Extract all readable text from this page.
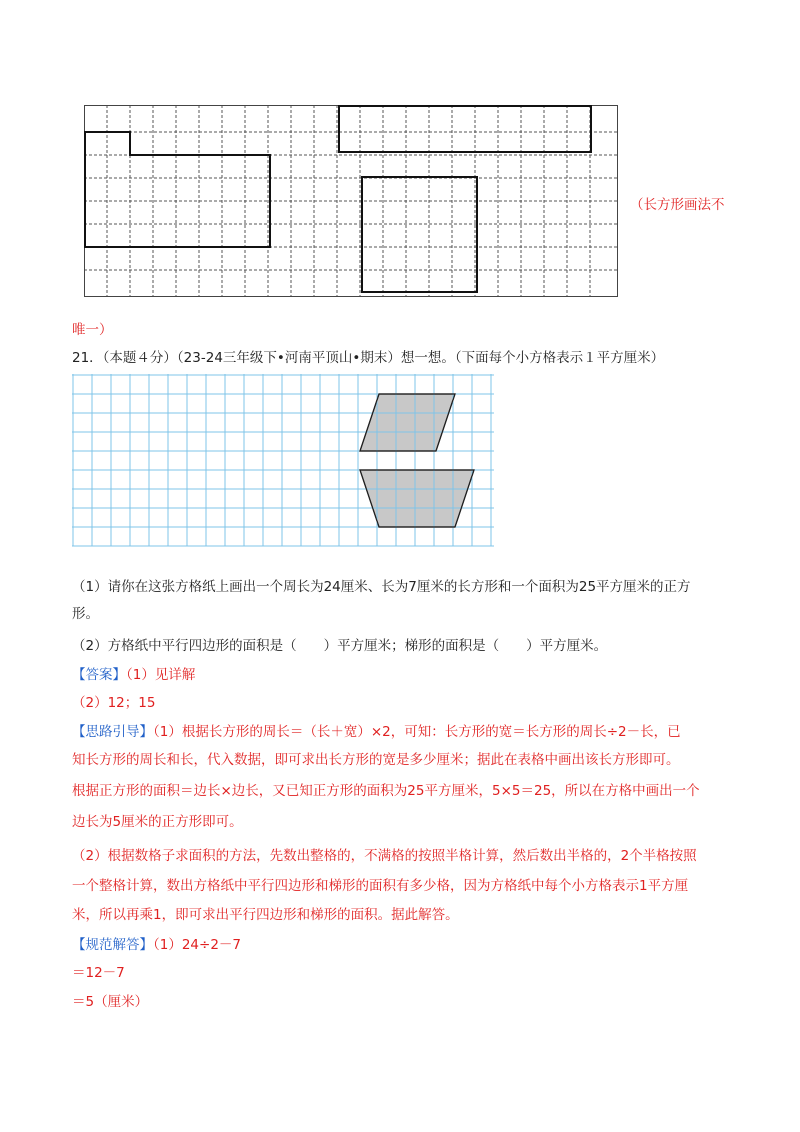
（长方形画法不
唯一）
21．（本题４分）（23-24三年级下•河南平顶山•期末）想一想。（下面每个小方格表示１平方厘米）
（1）请你在这张方格纸上画出一个周长为24厘米、长为7厘米的长方形和一个面积为25平方厘米的正方
形。
（2）方格纸中平行四边形的面积是（　　）平方厘米；梯形的面积是（　　）平方厘米。
【答案】（1）见详解
（2）12；15
【思路引导】（1）根据长方形的周长＝（长＋宽）×2，可知：长方形的宽＝长方形的周长÷2－长，已
知长方形的周长和长，代入数据，即可求出长方形的宽是多少厘米；据此在表格中画出该长方形即可。
根据正方形的面积＝边长×边长，又已知正方形的面积为25平方厘米，5×5＝25，所以在方格中画出一个
边长为5厘米的正方形即可。
（2）根据数格子求面积的方法，先数出整格的，不满格的按照半格计算，然后数出半格的，2个半格按照
一个整格计算，数出方格纸中平行四边形和梯形的面积有多少格，因为方格纸中每个小方格表示1平方厘
米，所以再乘1，即可求出平行四边形和梯形的面积。据此解答。
【规范解答】（1）24÷2－7
＝12－7
＝5（厘米）
